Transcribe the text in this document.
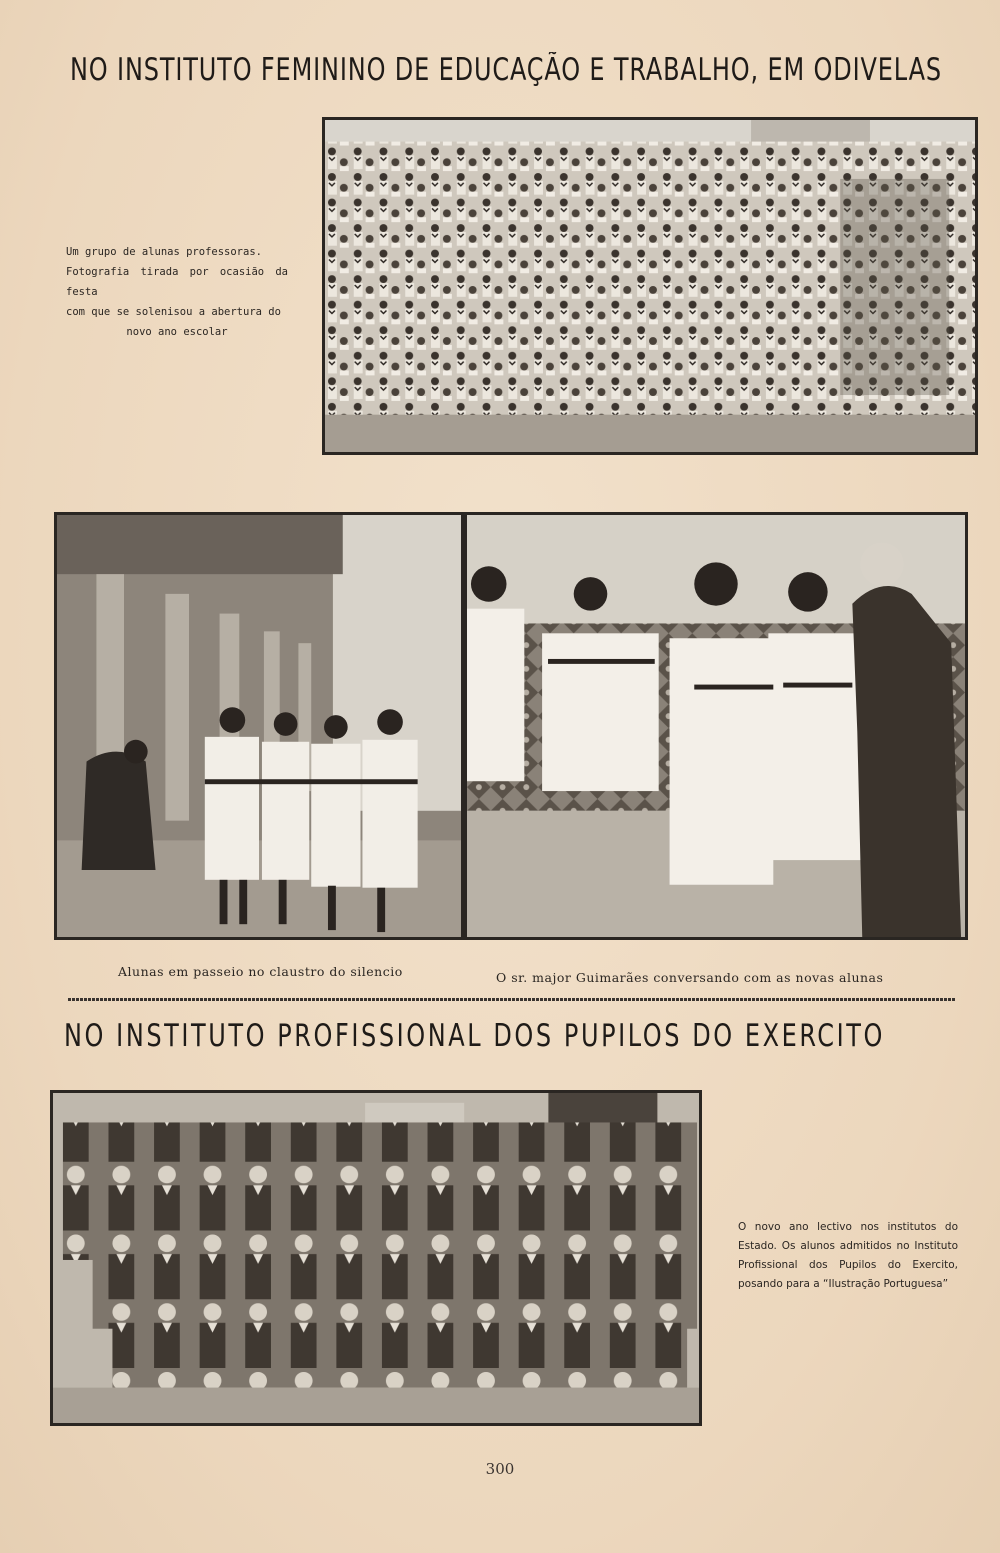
NO INSTITUTO FEMININO DE EDUCAÇÃO E TRABALHO, EM ODIVELAS
Um grupo de alunas professoras.
Fotografia tirada por ocasião da festa
com que se solenisou a abertura do
novo ano escolar
Alunas em passeio no claustro do silencio	O sr. major Guimarães conversando com as novas alunas
NO INSTITUTO PROFISSIONAL DOS PUPILOS DO EXERCITO
O novo ano lectivo nos institutos do Estado. Os alunos admitidos no Instituto Profissional dos Pupilos do Exercito, posando para a “Ilustração Portuguesa”
300
